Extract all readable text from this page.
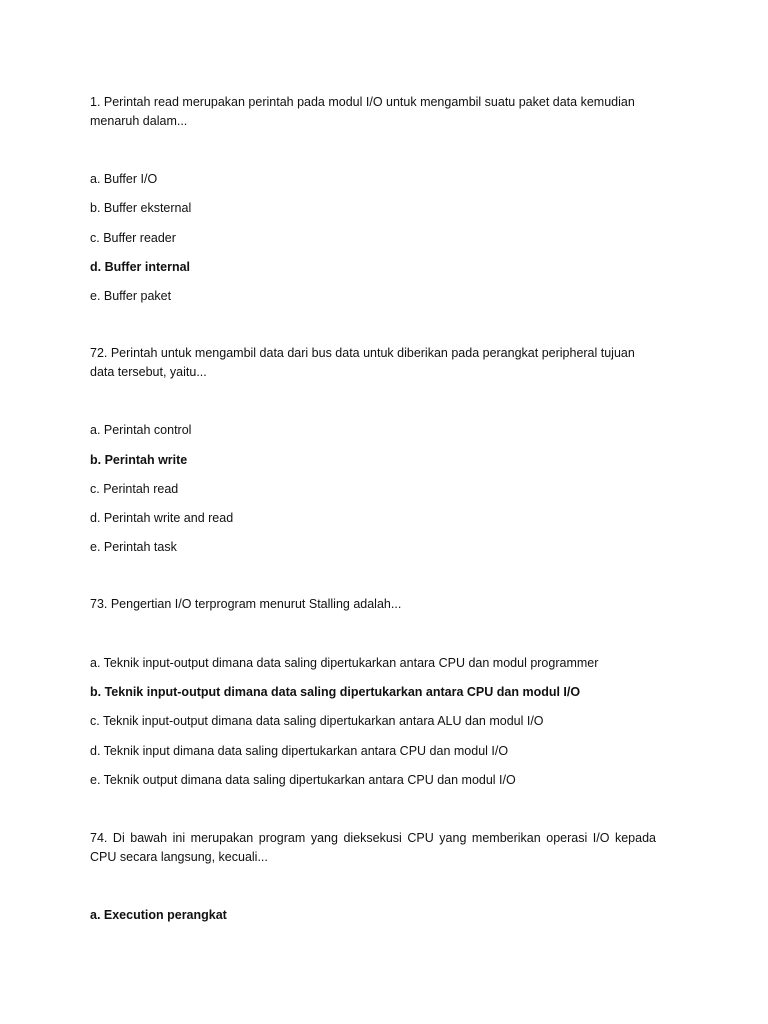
1. Perintah read merupakan perintah pada modul I/O untuk mengambil suatu paket data kemudian menaruh dalam...
a. Buffer I/O
b. Buffer eksternal
c. Buffer reader
d. Buffer internal
e. Buffer paket
72. Perintah untuk mengambil data dari bus data untuk diberikan pada perangkat peripheral tujuan data tersebut, yaitu...
a. Perintah control
b. Perintah write
c. Perintah read
d. Perintah write and read
e. Perintah task
73. Pengertian I/O terprogram menurut Stalling adalah...
a. Teknik input-output dimana data saling dipertukarkan antara CPU dan modul programmer
b. Teknik input-output dimana data saling dipertukarkan antara CPU dan modul I/O
c. Teknik input-output dimana data saling dipertukarkan antara ALU dan modul I/O
d. Teknik input dimana data saling dipertukarkan antara CPU dan modul I/O
e. Teknik output dimana data saling dipertukarkan antara CPU dan modul I/O
74. Di bawah ini merupakan program yang dieksekusi CPU yang memberikan operasi I/O kepada CPU secara langsung, kecuali...
a. Execution perangkat
